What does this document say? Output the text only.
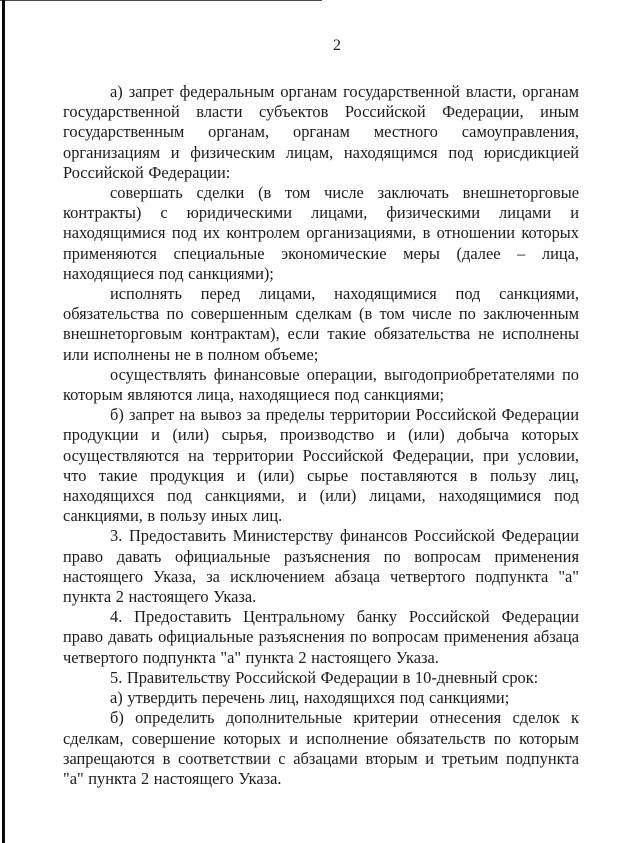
2

а) запрет федеральным органам государственной власти, органам государственной власти субъектов Российской Федерации, иным государственным органам, органам местного самоуправления, организациям и физическим лицам, находящимся под юрисдикцией Российской Федерации:

совершать сделки (в том числе заключать внешнеторговые контракты) с юридическими лицами, физическими лицами и находящимися под их контролем организациями, в отношении которых применяются специальные экономические меры (далее – лица, находящиеся под санкциями);

исполнять перед лицами, находящимися под санкциями, обязательства по совершенным сделкам (в том числе по заключенным внешнеторговым контрактам), если такие обязательства не исполнены или исполнены не в полном объеме;

осуществлять финансовые операции, выгодоприобретателями по которым являются лица, находящиеся под санкциями;

б) запрет на вывоз за пределы территории Российской Федерации продукции и (или) сырья, производство и (или) добыча которых осуществляются на территории Российской Федерации, при условии, что такие продукция и (или) сырье поставляются в пользу лиц, находящихся под санкциями, и (или) лицами, находящимися под санкциями, в пользу иных лиц.

3. Предоставить Министерству финансов Российской Федерации право давать официальные разъяснения по вопросам применения настоящего Указа, за исключением абзаца четвертого подпункта "а" пункта 2 настоящего Указа.

4. Предоставить Центральному банку Российской Федерации право давать официальные разъяснения по вопросам применения абзаца четвертого подпункта "а" пункта 2 настоящего Указа.

5. Правительству Российской Федерации в 10-дневный срок:

а) утвердить перечень лиц, находящихся под санкциями;

б) определить дополнительные критерии отнесения сделок к сделкам, совершение которых и исполнение обязательств по которым запрещаются в соответствии с абзацами вторым и третьим подпункта "а" пункта 2 настоящего Указа.
